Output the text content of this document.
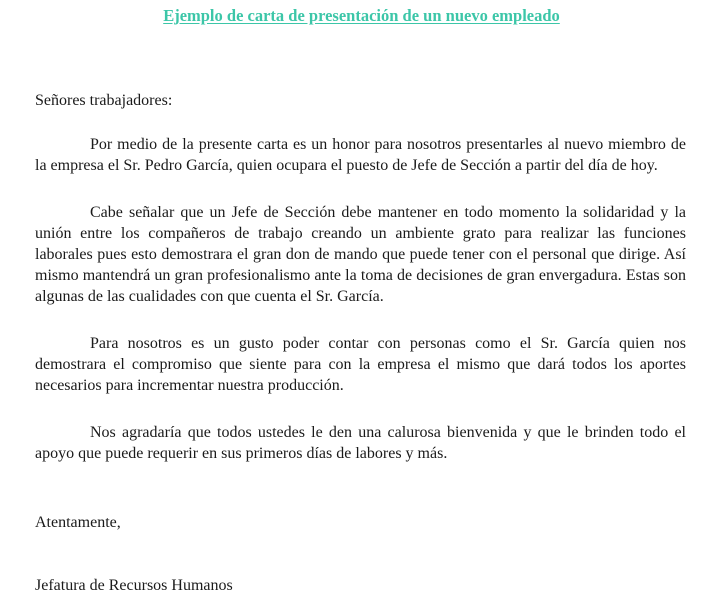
Ejemplo de carta de presentación de un nuevo empleado

Señores trabajadores:

Por medio de la presente carta es un honor para nosotros presentarles al nuevo miembro de la empresa el Sr. Pedro García, quien ocupara el puesto de Jefe de Sección a partir del día de hoy.

Cabe señalar que un Jefe de Sección debe mantener en todo momento la solidaridad y la unión entre los compañeros de trabajo creando un ambiente grato para realizar las funciones laborales pues esto demostrara el gran don de mando que puede tener con el personal que dirige. Así mismo mantendrá un gran profesionalismo ante la toma de decisiones de gran envergadura. Estas son algunas de las cualidades con que cuenta el Sr. García.

Para nosotros es un gusto poder contar con personas como el Sr. García quien nos demostrara el compromiso que siente para con la empresa el mismo que dará todos los aportes necesarios para incrementar nuestra producción.

Nos agradaría que todos ustedes le den una calurosa bienvenida y que le brinden todo el apoyo que puede requerir en sus primeros días de labores y más.

Atentamente,

Jefatura de Recursos Humanos
